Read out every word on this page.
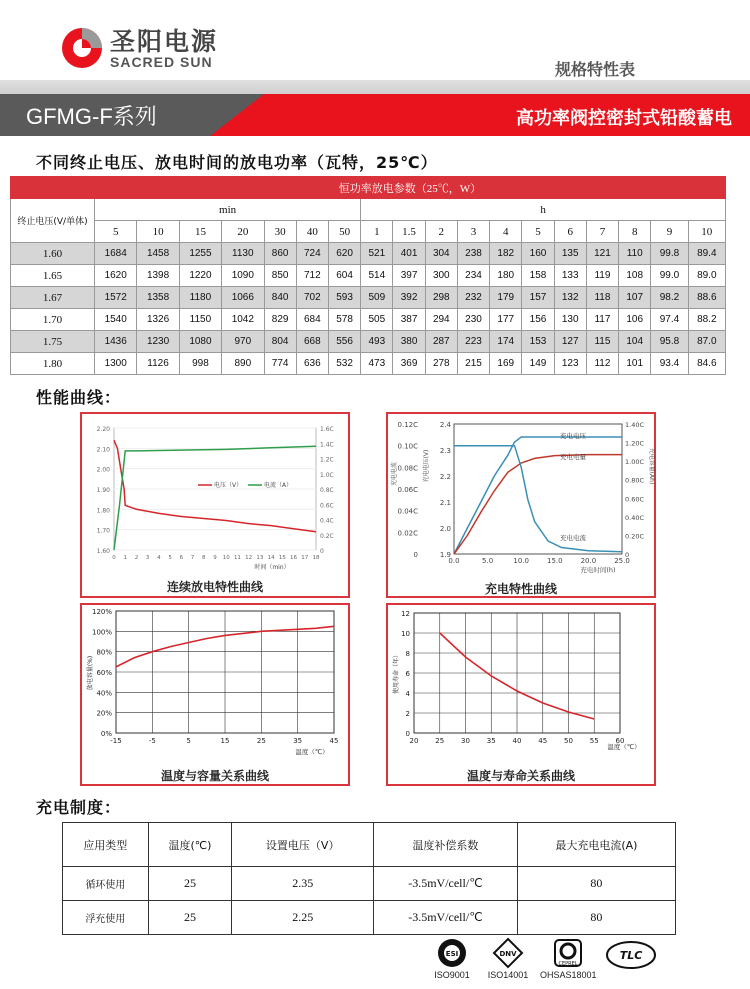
圣阳电源
SACRED SUN	规格特性表
GFMG-F系列	高功率阀控密封式铅酸蓄电
不同终止电压、放电时间的放电功率（瓦特，25℃）
	恒功率放电参数（25℃，W）																	
终止电压(V/单体)	min							h										
	5	10	15	20	30	40	50	1	1.5	2	3	4	5	6	7	8	9	10
1.60	1684	1458	1255	1130	860	724	620	521	401	304	238	182	160	135	121	110	99.8	89.4
1.65	1620	1398	1220	1090	850	712	604	514	397	300	234	180	158	133	119	108	99.0	89.0
1.67	1572	1358	1180	1066	840	702	593	509	392	298	232	179	157	132	118	107	98.2	88.6
1.70	1540	1326	1150	1042	829	684	578	505	387	294	230	177	156	130	117	106	97.4	88.2
1.75	1436	1230	1080	970	804	668	556	493	380	287	223	174	153	127	115	104	95.8	87.0
1.80	1300	1126	998	890	774	636	532	473	369	278	215	169	149	123	112	101	93.4	84.6
性能曲线：
2.20
2.10
2.00
1.90
1.80
1.70
1.60
1.6C
1.4C
1.2C
1.0C
0.8C
0.6C
0.4C
0.2C
0
0 1 2 3 4 5 6 7 8 9 10 11 12 13 14 15 16 17 18
时间（min）
电压（V）	电流（A）
连续放电特性曲线
0.12C
0.10C
0.08C
0.06C
0.04C
0.02C
0
2.4
2.3
2.2
2.1
2.0
1.9
1.40C
1.20C
1.00C
0.80C
0.60C
0.40C
0.20C
0
0.0	5.0	10.0	15.0	20.0	25.0
充电时间(h)
充电电流	充电电压(V)	充电容量(Ah)
充电电压
充电电量
充电电流
充电特性曲线
120%
100%
80%
60%
40%
20%
0%
-15	-5	5	15	25	35	45
温度（℃）
放电容量(%)
温度与容量关系曲线
12
10
8
6
4
2
0
20 25 30 35 40 45 50 55 60
温度（℃）
使用寿命（年）
温度与寿命关系曲线
充电制度：
应用类型	温度(℃)	设置电压（V）	温度补偿系数	最大充电电流(A)
循环使用	25	2.35	-3.5mV/cell/℃	80
浮充使用	25	2.25	-3.5mV/cell/℃	80
ESI
ISO9001
DNV
ISO14001
CEPREL
OHSAS18001
TLC
